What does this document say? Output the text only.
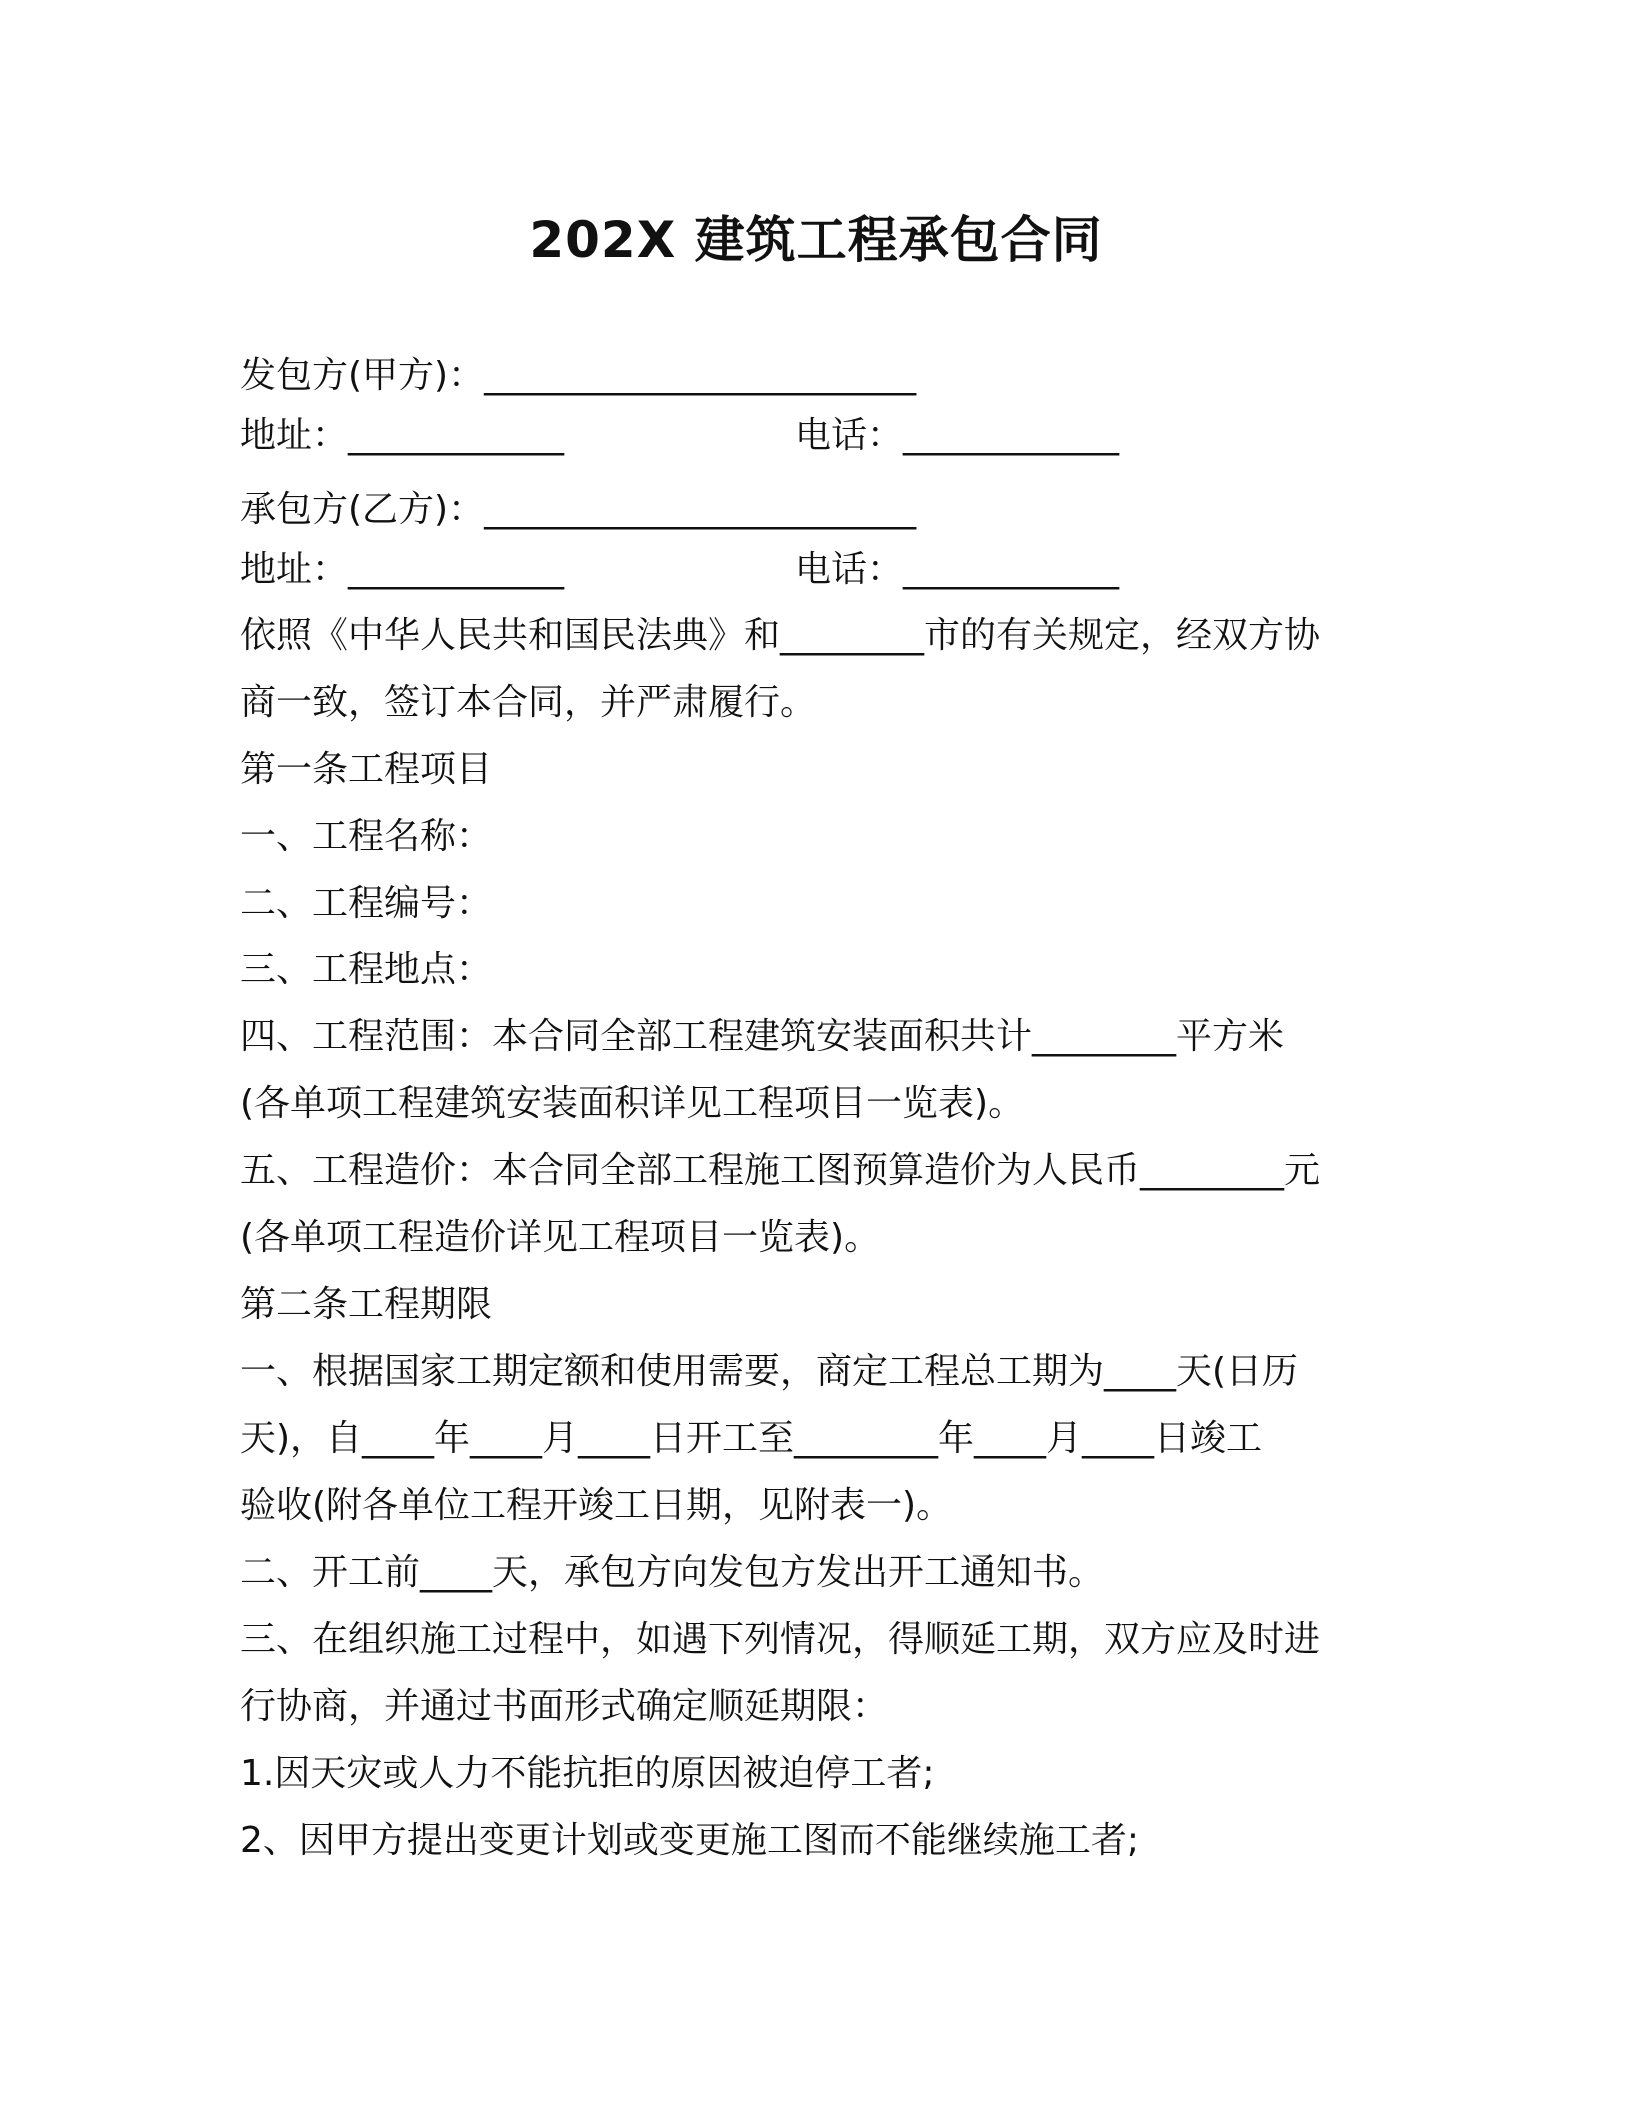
202X 建筑工程承包合同
发包方(甲方)：________________________
地址：____________	电话：____________
承包方(乙方)：________________________
地址：____________	电话：____________
依照《中华人民共和国民法典》和________市的有关规定，经双方协
商一致，签订本合同，并严肃履行。
第一条工程项目
一、工程名称：
二、工程编号：
三、工程地点：
四、工程范围：本合同全部工程建筑安装面积共计________平方米
(各单项工程建筑安装面积详见工程项目一览表)。
五、工程造价：本合同全部工程施工图预算造价为人民币________元
(各单项工程造价详见工程项目一览表)。
第二条工程期限
一、根据国家工期定额和使用需要，商定工程总工期为____天(日历
天)，自____年____月____日开工至________年____月____日竣工
验收(附各单位工程开竣工日期，见附表一)。
二、开工前____天，承包方向发包方发出开工通知书。
三、在组织施工过程中，如遇下列情况，得顺延工期，双方应及时进
行协商，并通过书面形式确定顺延期限：
1.因天灾或人力不能抗拒的原因被迫停工者;
2、因甲方提出变更计划或变更施工图而不能继续施工者;
